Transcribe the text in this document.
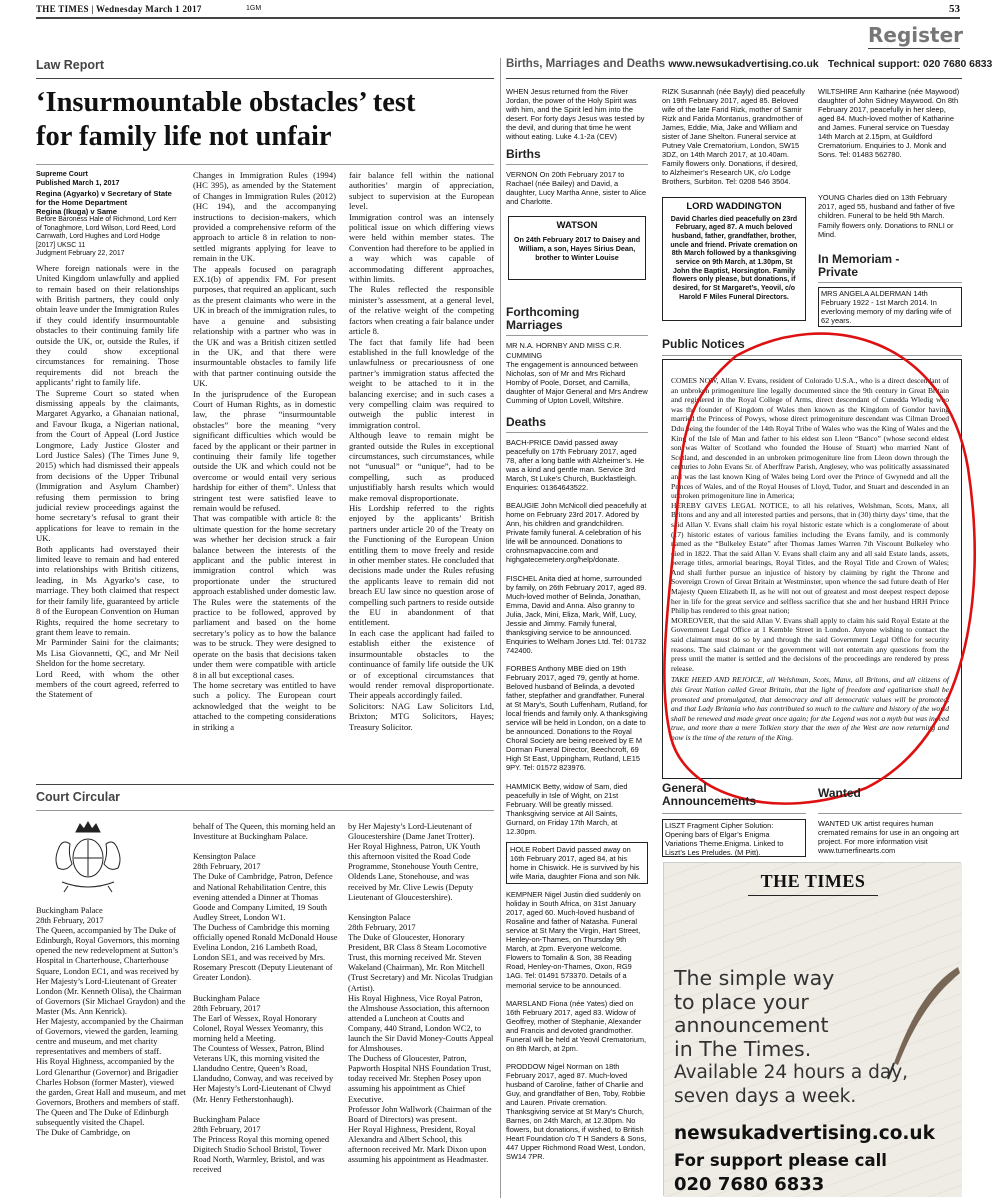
THE TIMES | Wednesday March 1 2017	1GM	53
Register
Law Report
‘Insurmountable obstacles’ test
for family life not unfair
Supreme Court
Published March 1, 2017
Regina (Agyarko) v Secretary of State for the Home Department
Regina (Ikuga) v Same
Before Baroness Hale of Richmond, Lord Kerr of Tonaghmore, Lord Wilson, Lord Reed, Lord Carnwath, Lord Hughes and Lord Hodge
[2017] UKSC 11
Judgment February 22, 2017
Where foreign nationals were in the United Kingdom unlawfully and applied to remain based on their relationships with British partners, they could only obtain leave under the Immigration Rules if they could identify insurmountable obstacles to their continuing family life outside the UK, or, outside the Rules, if they could show exceptional circumstances for remaining. Those requirements did not breach the applicants’ right to family life.
The Supreme Court so stated when dismissing appeals by the claimants, Margaret Agyarko, a Ghanaian national, and Favour Ikuga, a Nigerian national, from the Court of Appeal (Lord Justice Longmore, Lady Justice Gloster and Lord Justice Sales) (The Times June 9, 2015) which had dismissed their appeals from decisions of the Upper Tribunal (Immigration and Asylum Chamber) refusing them permission to bring judicial review proceedings against the home secretary’s refusal to grant their applications for leave to remain in the UK.
Both applicants had overstayed their limited leave to remain and had entered into relationships with British citizens, leading, in Ms Agyarko’s case, to marriage. They both claimed that respect for their family life, guaranteed by article 8 of the European Convention on Human Rights, required the home secretary to grant them leave to remain.
Mr Parminder Saini for the claimants; Ms Lisa Giovannetti, QC, and Mr Neil Sheldon for the home secretary.
Lord Reed, with whom the other members of the court agreed, referred to the Statement of
Changes in Immigration Rules (1994) (HC 395), as amended by the Statement of Changes in Immigration Rules (2012) (HC 194), and the accompanying instructions to decision-makers, which provided a comprehensive reform of the approach to article 8 in relation to non-settled migrants applying for leave to remain in the UK.
The appeals focused on paragraph EX.1(b) of appendix FM. For present purposes, that required an applicant, such as the present claimants who were in the UK in breach of the immigration rules, to have a genuine and subsisting relationship with a partner who was in the UK and was a British citizen settled in the UK, and that there were insurmountable obstacles to family life with that partner continuing outside the UK.
In the jurisprudence of the European Court of Human Rights, as in domestic law, the phrase “insurmountable obstacles” bore the meaning “very significant difficulties which would be faced by the applicant or their partner in continuing their family life together outside the UK and which could not be overcome or would entail very serious hardship for either of them”. Unless that stringent test were satisfied leave to remain would be refused.
That was compatible with article 8: the ultimate question for the home secretary was whether her decision struck a fair balance between the interests of the applicant and the public interest in immigration control which was proportionate under the structured approach established under domestic law. The Rules were the statements of the practice to be followed, approved by parliament and based on the home secretary’s policy as to how the balance was to be struck. They were designed to operate on the basis that decisions taken under them were compatible with article 8 in all but exceptional cases.
The home secretary was entitled to have such a policy. The European court acknowledged that the weight to be attached to the competing considerations in striking a
fair balance fell within the national authorities’ margin of appreciation, subject to supervision at the European level.
Immigration control was an intensely political issue on which differing views were held within member states. The Convention had therefore to be applied in a way which was capable of accommodating different approaches, within limits.
The Rules reflected the responsible minister’s assessment, at a general level, of the relative weight of the competing factors when creating a fair balance under article 8.
The fact that family life had been established in the full knowledge of the unlawfulness or precariousness of one partner’s immigration status affected the weight to be attached to it in the balancing exercise; and in such cases a very compelling claim was required to outweigh the public interest in immigration control.
Although leave to remain might be granted outside the Rules in exceptional circumstances, such circumstances, while not “unusual” or “unique”, had to be compelling, such as produced unjustifiably harsh results which would make removal disproportionate.
His Lordship referred to the rights enjoyed by the applicants’ British partners under article 20 of the Treaty on the Functioning of the European Union entitling them to move freely and reside in other member states. He concluded that decisions made under the Rules refusing the applicants leave to remain did not breach EU law since no question arose of compelling such partners to reside outside the EU in abandonment of that entitlement.
In each case the applicant had failed to establish either the existence of insurmountable obstacles to the continuance of family life outside the UK or of exceptional circumstances that would render removal disproportionate. Their appeals accordingly failed.
Solicitors: NAG Law Solicitors Ltd, Brixton; MTG Solicitors, Hayes; Treasury Solicitor.
Court Circular
Buckingham Palace
28th February, 2017
The Queen, accompanied by The Duke of Edinburgh, Royal Governors, this morning opened the new redevelopment at Sutton’s Hospital in Charterhouse, Charterhouse Square, London EC1, and was received by Her Majesty’s Lord-Lieutenant of Greater London (Mr. Kenneth Olisa), the Chairman of Governors (Sir Michael Graydon) and the Master (Ms. Ann Kenrick).
Her Majesty, accompanied by the Chairman of Governors, viewed the garden, learning centre and museum, and met charity representatives and members of staff.
His Royal Highness, accompanied by the Lord Glenarthur (Governor) and Brigadier Charles Hobson (former Master), viewed the garden, Great Hall and museum, and met Governors, Brothers and members of staff.
The Queen and The Duke of Edinburgh subsequently visited the Chapel.
The Duke of Cambridge, on
behalf of The Queen, this morning held an Investiture at Buckingham Palace.

Kensington Palace
28th February, 2017
The Duke of Cambridge, Patron, Defence and National Rehabilitation Centre, this evening attended a Dinner at Thomas Goode and Company Limited, 19 South Audley Street, London W1.
The Duchess of Cambridge this morning officially opened Ronald McDonald House Evelina London, 216 Lambeth Road, London SE1, and was received by Mrs. Rosemary Prescott (Deputy Lieutenant of Greater London).

Buckingham Palace
28th February, 2017
The Earl of Wessex, Royal Honorary Colonel, Royal Wessex Yeomanry, this morning held a Meeting.
The Countess of Wessex, Patron, Blind Veterans UK, this morning visited the Llandudno Centre, Queen’s Road, Llandudno, Conway, and was received by Her Majesty’s Lord-Lieutenant of Clwyd (Mr. Henry Fetherstonhaugh).

Buckingham Palace
28th February, 2017
The Princess Royal this morning opened Digitech Studio School Bristol, Tower Road North, Warmley, Bristol, and was received
by Her Majesty’s Lord-Lieutenant of Gloucestershire (Dame Janet Trotter).
Her Royal Highness, Patron, UK Youth this afternoon visited the Road Code Programme, Stonehouse Youth Centre, Oldends Lane, Stonehouse, and was received by Mr. Clive Lewis (Deputy Lieutenant of Gloucestershire).

Kensington Palace
28th February, 2017
The Duke of Gloucester, Honorary President, BR Class 8 Steam Locomotive Trust, this morning received Mr. Steven Wakeland (Chairman), Mr. Ron Mitchell (Trust Secretary) and Mr. Nicolas Trudgian (Artist).
His Royal Highness, Vice Royal Patron, the Almshouse Association, this afternoon attended a Luncheon at Coutts and Company, 440 Strand, London WC2, to launch the Sir David Money-Coutts Appeal for Almshouses.
The Duchess of Gloucester, Patron, Papworth Hospital NHS Foundation Trust, today received Mr. Stephen Posey upon assuming his appointment as Chief Executive.
Professor John Wallwork (Chairman of the Board of Directors) was present.
Her Royal Highness, President, Royal Alexandra and Albert School, this afternoon received Mr. Mark Dixon upon assuming his appointment as Headmaster.
Births, Marriages and Deaths www.newsukadvertising.co.uk Technical support: 020 7680 6833
WHEN Jesus returned from the River Jordan, the power of the Holy Spirit was with him, and the Spirit led him into the desert. For forty days Jesus was tested by the devil, and during that time he went without eating. Luke 4.1-2a (CEV)
Births
VERNON On 20th February 2017 to Rachael (née Bailey) and David, a daughter, Lucy Martha Anne, sister to Alice and Charlotte.
WATSON
On 24th February 2017 to Daisey and William, a son, Hayes Sirius Dean, brother to Winter Louise
Forthcoming Marriages
MR N.A. HORNBY AND MISS C.R. CUMMING
The engagement is announced between Nicholas, son of Mr and Mrs Richard Hornby of Poole, Dorset, and Camilla, daughter of Major General and Mrs Andrew Cumming of Upton Lovell, Wiltshire.
Deaths
BACH-PRICE David passed away peacefully on 17th February 2017, aged 78, after a long battle with Alzheimer’s. He was a kind and gentle man. Service 3rd March, St Luke’s Church, Buckfastleigh. Enquiries: 01364643522.

BEAUGIE John McNicoll died peacefully at home on February 23rd 2017. Adored by Ann, his children and grandchildren. Private family funeral. A celebration of his life will be announced. Donations to crohnsmapvaccine.com and highgatecemetery.org/help/donate.

FISCHEL Anita died at home, surrounded by family, on 26th February 2017, aged 89. Much-loved mother of Belinda, Jonathan, Emma, David and Anna. Also granny to Julia, Jack, Mini, Eliza, Mark, Wilf, Lucy, Jessie and Jimmy. Family funeral, thanksgiving service to be announced. Enquiries to Welham Jones Ltd. Tel: 01732 742400.

FORBES Anthony MBE died on 19th February 2017, aged 79, gently at home. Beloved husband of Belinda, a devoted father, stepfather and grandfather. Funeral at St Mary’s, South Luffenham, Rutland, for local friends and family only. A thanksgiving service will be held in London, on a date to be announced. Donations to the Royal Choral Society are being received by E M Dorman Funeral Director, Beechcroft, 69 High St East, Uppingham, Rutland, LE15 9PY. Tel: 01572 823976.

HAMMICK Betty, widow of Sam, died peacefully in Isle of Wight, on 21st February. Will be greatly missed. Thanksgiving service at All Saints, Gurnard, on Friday 17th March, at 12.30pm.
HOLE Robert David passed away on 16th February 2017, aged 84, at his home in Chiswick. He is survived by his wife Maria, daughter Fiona and son Nik.
KEMPNER Nigel Justin died suddenly on holiday in South Africa, on 31st January 2017, aged 60. Much-loved husband of Rosaline and father of Natasha. Funeral service at St Mary the Virgin, Hart Street, Henley-on-Thames, on Thursday 9th March, at 2pm. Everyone welcome. Flowers to Tomalin & Son, 38 Reading Road, Henley-on-Thames, Oxon, RG9 1AG. Tel: 01491 573370. Details of a memorial service to be announced.

MARSLAND Fiona (née Yates) died on 16th February 2017, aged 83. Widow of Geoffrey, mother of Stephanie, Alexander and Francis and devoted grandmother. Funeral will be held at Yeovil Crematorium, on 8th March, at 2pm.

PRODDOW Nigel Norman on 18th February 2017, aged 87. Much-loved husband of Caroline, father of Charlie and Guy, and grandfather of Ben, Toby, Robbie and Lauren. Private cremation. Thanksgiving service at St Mary’s Church, Barnes, on 24th March, at 12.30pm. No flowers, but donations, if wished, to British Heart Foundation c/o T H Sanders & Sons, 447 Upper Richmond Road West, London, SW14 7PR.
RIZK Susannah (née Bayly) died peacefully on 19th February 2017, aged 85. Beloved wife of the late Farid Rizk, mother of Samir Rizk and Farida Montanus, grandmother of James, Eddie, Mia, Jake and William and sister of Jane Shelton. Funeral service at Putney Vale Crematorium, London, SW15 3DZ, on 14th March 2017, at 10.40am. Family flowers only. Donations, if desired, to Alzheimer’s Research UK, c/o Lodge Brothers, Surbiton. Tel: 0208 546 3504.
LORD WADDINGTON
David Charles died peacefully on 23rd February, aged 87. A much beloved husband, father, grandfather, brother, uncle and friend. Private cremation on 8th March followed by a thanksgiving service on 9th March, at 1.30pm, St John the Baptist, Horsington. Family flowers only please, but donations, if desired, for St Margaret’s, Yeovil, c/o Harold F Miles Funeral Directors.
WILTSHIRE Ann Katharine (née Maywood) daughter of John Sidney Maywood. On 8th February 2017, peacefully in her sleep, aged 84. Much-loved mother of Katharine and James. Funeral service on Tuesday 14th March at 2.15pm, at Guildford Crematorium. Enquiries to J. Monk and Sons. Tel: 01483 562780.
YOUNG Charles died on 13th February 2017, aged 55, husband and father of five children. Funeral to be held 9th March. Family flowers only. Donations to RNLI or Mind.
In Memoriam - Private
MRS ANGELA ALDERMAN 14th February 1922 - 1st March 2014. In everloving memory of my darling wife of 62 years.
Public Notices
COMES NOW, Allan V. Evans, resident of Colorado U.S.A., who is a direct descendant of an unbroken primogeniture line legally documented since the 9th century in Great Britain and registered in the Royal College of Arms, direct descendant of Cunedda Wledig who was the founder of Kingdom of Wales then known as the Kingdom of Gondor having married the Princess of Powys, whose direct primogeniture descendant was Cilman Droed Ddu being the founder of the 14th Royal Tribe of Wales who was the King of Wales and the King of the Isle of Man and father to his eldest son Lleon “Banco” (whose second eldest son was Walter of Scotland who founded the House of Stuart) who married Nant of Scotland, and descended in an unbroken primogeniture line from Lleon down through the centuries to John Evans Sr. of Aberffraw Parish, Anglesey, who was politically assassinated and was the last known King of Wales being Lord over the Prince of Gwynedd and all the Princes of Wales, and of the Royal Houses of Lloyd, Tudor, and Stuart and descended in an unbroken primogeniture line in America;
HEREBY GIVES LEGAL NOTICE, to all his relatives, Welshman, Scots, Manx, all Britons and any and all interested parties and persons, that in (30) thirty days’ time, that the said Allan V. Evans shall claim his royal historic estate which is a conglomerate of about (17) historic estates of various families including the Evans family, and is commonly named as the “Bulkeley Estate” after Thomas James Warren 7th Viscount Bulkeley who died in 1822. That the said Allan V. Evans shall claim any and all said Estate lands, assets, peerage titles, armorial bearings, Royal Titles, and the Royal Title and Crown of Wales; And shall further pursue an injustice of history by claiming by right the Throne and Sovereign Crown of Great Britain at Westminster, upon whence the sad future death of Her Majesty Queen Elizabeth II, as he will not out of greatest and most deepest respect depose her in life for the great service and selfless sacrifice that she and her husband HRH Prince Philip has rendered to this great nation;
MOREOVER, that the said Allan V. Evans shall apply to claim his said Royal Estate at the Government Legal Office at 1 Kemble Street in London. Anyone wishing to contact the said claimant must do so by and through the said Government Legal Office for security reasons. The said claimant or the government will not entertain any questions from the press until the matter is settled and the decisions of the proceedings are rendered by press release.
TAKE HEED AND REJOICE, all Welshman, Scots, Manx, all Britons, and all citizens of this Great Nation called Great Britain, that the light of freedom and egalitarism shall be promoted and promulgated, that democracy and all democratic values will be promoted, and that Lady Britania who has contributed so much to the culture and history of the world shall be renewed and made great once again; for the Legend was not a myth but was indeed true, and more than a mere Tolkien story that the men of the West are now returning and now is the time of the return of the King.
General Announcements
LISZT Fragment Cipher Solution: Opening bars of Elgar’s Enigma Variations Theme.Enigma. Linked to Liszt’s Les Preludes. (M Pitt).
Wanted
WANTED UK artist requires human cremated remains for use in an ongoing art project. For more information visit www.turnerfinearts.com
THE TIMES
The simple way
to place your
announcement
in The Times.
Available 24 hours a day,
seven days a week.
newsukadvertising.co.uk
For support please call
020 7680 6833
